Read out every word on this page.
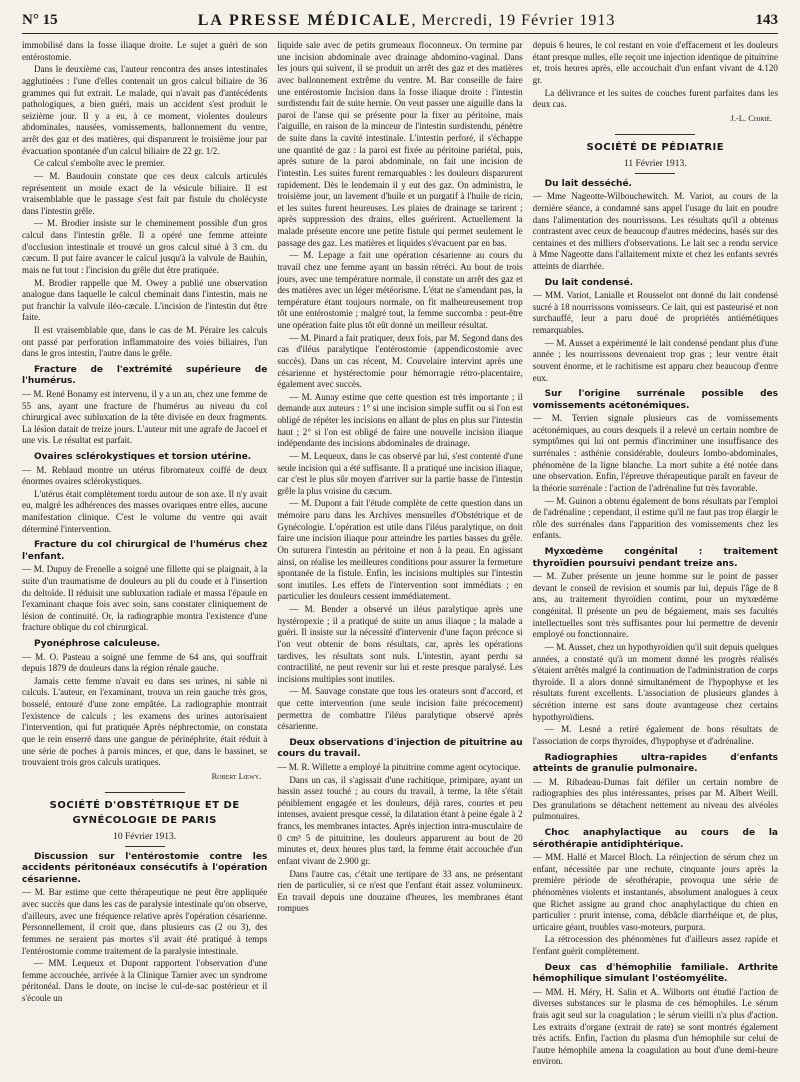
N° 15	LA PRESSE MÉDICALE, Mercredi, 19 Février 1913	143

immobilisé dans la fosse iliaque droite. Le sujet a guéri de son entérostomie.

Dans le deuxième cas, l'auteur rencontra des anses intestinales agglutinées : l'une d'elles contenait un gros calcul biliaire de 36 grammes qui fut extrait. Le malade, qui n'avait pas d'antécédents pathologiques, a bien guéri, mais un accident s'est produit le seizième jour. Il y a eu, à ce moment, violentes douleurs abdominales, nausées, vomissements, ballonnement du ventre, arrêt des gaz et des matières, qui disparurent le troisième jour par évacuation spontanée d'un calcul biliaire de 22 gr. 1/2.

Ce calcul s'emboîte avec le premier.

— M. Baudouin constate que ces deux calculs articulés représentent un moule exact de la vésicule biliaire. Il est vraisemblable que le passage s'est fait par fistule du cholécyste dans l'intestin grêle.

— M. Brodier insiste sur le cheminement possible d'un gros calcul dans l'intestin grêle. Il a opéré une femme atteinte d'occlusion intestinale et trouvé un gros calcul situé à 3 cm. du cæcum. Il put faire avancer le calcul jusqu'à la valvule de Bauhin, mais ne fut tout : l'incision du grêle dut être pratiquée.

M. Brodier rappelle que M. Owey a publié une observation analogue dans laquelle le calcul cheminait dans l'intestin, mais ne put franchir la valvule iléo-cæcale. L'incision de l'intestin dut être faite.

Il est vraisemblable que, dans le cas de M. Péraire les calculs ont passé par perforation inflammatoire des voies biliaires, l'un dans le gros intestin, l'autre dans le grêle.

Fracture de l'extrémité supérieure de l'humérus.

— M. René Bonamy est intervenu, il y a un an, chez une femme de 55 ans, ayant une fracture de l'humérus au niveau du col chirurgical avec subluxation de la tête divisée en deux fragments. La lésion datait de treize jours. L'auteur mit une agrafe de Jacoel et une vis. Le résultat est parfait.

Ovaires sclérokystiques et torsion utérine.

— M. Reblaud montre un utérus fibromateux coiffé de deux énormes ovaires sclérokystiques.

L'utérus était complètement tordu autour de son axe. Il n'y avait eu, malgré les adhérences des masses ovariques entre elles, aucune manifestation clinique. C'est le volume du ventre qui avait déterminé l'intervention.

Fracture du col chirurgical de l'humérus chez l'enfant.

— M. Dupuy de Frenelle a soigné une fillette qui se plaignait, à la suite d'un traumatisme de douleurs au pli du coude et à l'insertion du deltoïde. Il réduisit une subluxation radiale et massa l'épaule en l'examinant chaque fois avec soin, sans constater cliniquement de lésion de continuité. Or, la radiographie montra l'existence d'une fracture oblique du col chirurgical.

Pyonéphrose calculeuse.

— M. O. Pasteau a soigné une femme de 64 ans, qui souffrait depuis 1879 de douleurs dans la région rénale gauche.

Jamais cette femme n'avait eu dans ses urines, ni sable ni calculs. L'auteur, en l'examinant, trouva un rein gauche très gros, bosselé, entouré d'une zone empâtée. La radiographie montrait l'existence de calculs ; les examens des urines autorisaient l'intervention, qui fut pratiquée Après néphrectomie, on constata que le rein enserré dans une gangue de périnéphrite, était réduit à une série de poches à parois minces, et que, dans le bassinet, se trouvaient trois gros calculs uratiques.

Robert Lœwy.
SOCIÉTÉ D'OBSTÉTRIQUE ET DE GYNÉCOLOGIE DE PARIS
10 Février 1913.

Discussion sur l'entérostomie contre les accidents péritonéaux consécutifs à l'opération césarienne.

— M. Bar estime que cette thérapeutique ne peut être appliquée avec succès que dans les cas de paralysie intestinale qu'on observe, d'ailleurs, avec une fréquence relative après l'opération césarienne. Personnellement, il croit que, dans plusieurs cas (2 ou 3), des femmes ne seraient pas mortes s'il avait été pratiqué à temps l'entérostomie comme traitement de la paralysie intestinale.

— MM. Lequeux et Dupont rapportent l'observation d'une femme accouchée, arrivée à la Clinique Tarnier avec un syndrome péritonéal. Dans le doute, on incise le cul-de-sac postérieur et il s'écoule un

liquide sale avec de petits grumeaux floconneux. On termine par une incision abdominale avec drainage abdomino-vaginal. Dans les jours qui suivent, il se produit un arrêt des gaz et des matières avec ballonnement extrême du ventre. M. Bar conseille de faire une entérostomie Incision dans la fosse iliaque droite : l'intestin surdistendu fait de suite hernie. On veut passer une aiguille dans la paroi de l'anse qui se présente pour la fixer au péritoine, mais l'aiguille, en raison de la minceur de l'intestin surdistendu, pénètre de suite dans la cavité intestinale. L'intestin perforé, il s'échappe une quantité de gaz : la paroi est fixée au péritoine pariétal, puis, après suture de la paroi abdominale, on fait une incision de l'intestin. Les suites furent remarquables : les douleurs disparurent rapidement. Dès le lendemain il y eut des gaz. On administra, le troisième jour, un lavement d'huile et un purgatif à l'huile de ricin, et les suites furent heureuses. Les plaies de drainage se tarirent ; après suppression des drains, elles guérirent. Actuellement la malade présente encore une petite fistule qui permet seulement le passage des gaz. Les matières et liquides s'évacuent par en bas.

— M. Lepage a fait une opération césarienne au cours du travail chez une femme ayant un bassin rétréci. Au bout de trois jours, avec une température normale, il constate un arrêt des gaz et des matières avec un léger météorisme. L'état ne s'amendant pas, la température étant toujours normale, on fit malheureusement trop tôt une entérostomie ; malgré tout, la femme succomba : peut-être une opération faite plus tôt eût donné un meilleur résultat.

— M. Pinard a fait pratiquer, deux fois, par M. Segond dans des cas d'iléus paralytique l'entérostomie (appendicostomie avec succès). Dans un cas récent, M. Couvelaire intervint après une césarienne et hystérectomie pour hémorragie rétro-placentaire, également avec succès.

— M. Aunay estime que cette question est très importante ; il demande aux auteurs : 1° si une incision simple suffit ou si l'on est obligé de répéter les incisions en allant de plus en plus sur l'intestin haut ; 2° si l'on est obligé de faire une nouvelle incision iliaque indépendante des incisions abdominales de drainage.

— M. Lequeux, dans le cas observé par lui, s'est contenté d'une seule incision qui a été suffisante. Il a pratiqué une incision iliaque, car c'est le plus sûr moyen d'arriver sur la partie basse de l'intestin grêle la plus voisine du cæcum.

— M. Dupont a fait l'étude complète de cette question dans un mémoire paru dans les Archives mensuelles d'Obstétrique et de Gynécologie. L'opération est utile dans l'iléus paralytique, on doit faire une incision iliaque pour atteindre les parties basses du grêle. On suturera l'intestin au péritoine et non à la peau. En agissant ainsi, on réalise les meilleures conditions pour assurer la fermeture spontanée de la fistule. Enfin, les incisions multiples sur l'intestin sont inutiles. Les effets de l'intervention sont immédiats ; en particulier les douleurs cessent immédiatement.

— M. Bender a observé un iléus paralytique après une hystéropexie ; il a pratiqué de suite un anus iliaque ; la malade a guéri. Il insiste sur la nécessité d'intervenir d'une façon précoce si l'on veut obtenir de bons résultats, car, après les opérations tardives, les résultats sont nuls. L'intestin, ayant perdu sa contractilité, ne peut revenir sur lui et reste presque paralysé. Les incisions multiples sont inutiles.

— M. Sauvage constate que tous les orateurs sont d'accord, et que cette intervention (une seule incision faite précocement) permettra de combattre l'iléus paralytique observé après césarienne.

Deux observations d'injection de pituitrine au cours du travail.

— M. R. Willette a employé la pituitrine comme agent ocytocique.

Dans un cas, il s'agissait d'une rachitique, primipare, ayant un bassin assez touché ; au cours du travail, à terme, la tête s'était péniblement engagée et les douleurs, déjà rares, courtes et peu intenses, avaient presque cessé, la dilatation étant à peine égale à 2 francs, les membranes intactes. Après injection intra-musculaire de 0 cm³ 5 de pituitrine, les douleurs apparurent au bout de 20 minutes et, deux heures plus tard, la femme était accouchée d'un enfant vivant de 2.900 gr.

Dans l'autre cas, c'était une tertipare de 33 ans, ne présentant rien de particulier, si ce n'est que l'enfant était assez volumineux. En travail depuis une douzaine d'heures, les membranes étant rompues

depuis 6 heures, le col restant en voie d'effacement et les douleurs étant presque nulles, elle reçoit une injection identique de pituitrine et, trois heures après, elle accouchait d'un enfant vivant de 4.120 gr.

La délivrance et les suites de couches furent parfaites dans les deux cas.

J.-L. Chirié.
SOCIÉTÉ DE PÉDIATRIE
11 Février 1913.

Du lait desséché.

— Mme Nageotte-Wilbouchewitch. M. Variot, au cours de la dernière séance, a condamné sans appel l'usage du lait en poudre dans l'alimentation des nourrissons. Les résultats qu'il a obtenus contrastent avec ceux de beaucoup d'autres médecins, basés sur des centaines et des milliers d'observations. Le lait sec a rendu service à Mme Nageotte dans l'allaitement mixte et chez les enfants sevrés atteints de diarrhée.

Du lait condensé.

— MM. Variot, Lanialle et Rousselot ont donné du lait condensé sucré à 18 nourrissons vomisseurs. Ce lait, qui est pasteurisé et non surchauffé, leur a paru doué de propriétés antiémétiques remarquables.

— M. Ausset a expérimenté le lait condensé pendant plus d'une année ; les nourrissons devenaient trop gras ; leur ventre était souvent énorme, et le rachitisme est apparu chez beaucoup d'entre eux.

Sur l'origine surrénale possible des vomissements acétonémiques.

— M. Terrien signale plusieurs cas de vomissements acétonémiques, au cours desquels il a relevé un certain nombre de symptômes qui lui ont permis d'incriminer une insuffisance des surrénales : asthénie considérable, douleurs lombo-abdominales, phénomène de la ligne blanche. La mort subite a été notée dans une observation. Enfin, l'épreuve thérapeutique paraît en faveur de la théorie surrénale : l'action de l'adrénaline fut très favorable.

— M. Guinon a obtenu également de bons résultats par l'emploi de l'adrénaline ; cependant, il estime qu'il ne faut pas trop élargir le rôle des surrénales dans l'apparition des vomissements chez les enfants.

Myxœdème congénital : traitement thyroïdien poursuivi pendant treize ans.

— M. Zuber présente un jeune homme sur le point de passer devant le conseil de revision et soumis par lui, depuis l'âge de 8 ans, au traitement thyroïdien continu, pour un myxœdème congénital. Il présente un peu de bégaiement, mais ses facultés intellectuelles sont très suffisantes pour lui permettre de devenir employé ou fonctionnaire.

— M. Ausset, chez un hypothyroïdien qu'il suit depuis quelques années, a constaté qu'à un moment donné les progrès réalisés s'étaient arrêtés malgré la continuation de l'administration de corps thyroïde. Il a alors donné simultanément de l'hypophyse et les résultats furent excellents. L'association de plusieurs glandes à sécrétion interne est sans doute avantageuse chez certains hypothyroïdiens.

— M. Lesné a retiré également de bons résultats de l'association de corps thyroïdes, d'hypophyse et d'adrénaline.

Radiographies ultra-rapides d'enfants atteints de granulie pulmonaire.

— M. Ribadeau-Dumas fait défiler un certain nombre de radiographies des plus intéressantes, prises par M. Albert Weill. Des granulations se détachent nettement au niveau des alvéoles pulmonaires.

Choc anaphylactique au cours de la sérothérapie antidiphtérique.

— MM. Hallé et Marcel Bloch. La réinjection de sérum chez un enfant, nécessitée par une rechute, cinquante jours après la première période de sérothérapie, provoqua une série de phénomènes violents et instantanés, absolument analogues à ceux que Richet assigne au grand choc anaphylactique du chien en particulier : prurit intense, coma, débâcle diarrhéique et, de plus, urticaire géant, troubles vaso-moteurs, purpura.

La rétrocession des phénomènes fut d'ailleurs assez rapide et l'enfant guérit complètement.

Deux cas d'hémophilie familiale. Arthrite hémophilique simulant l'ostéomyélite.

— MM. H. Méry, H. Salin et A. Wilborts ont étudié l'action de diverses substances sur le plasma de ces hémophiles. Le sérum frais agit seul sur la coagulation ; le sérum vieilli n'a plus d'action. Les extraits d'organe (extrait de rate) se sont montrés également très actifs. Enfin, l'action du plasma d'un hémophile sur celui de l'autre hémophile amena la coagulation au bout d'une demi-heure environ.
